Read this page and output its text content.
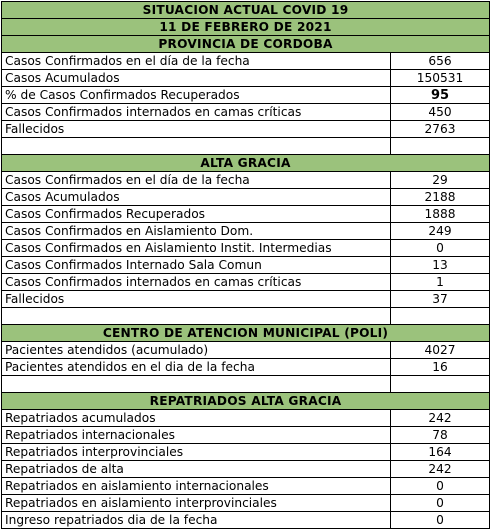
SITUACION ACTUAL COVID 19	
11 DE FEBRERO DE 2021	
PROVINCIA DE CORDOBA	
Casos Confirmados en el día de la fecha	656
Casos Acumulados	150531
% de Casos Confirmados Recuperados	95
Casos Confirmados internados en camas críticas	450
Fallecidos	2763

ALTA GRACIA	
Casos Confirmados en el día de la fecha	29
Casos Acumulados	2188
Casos Confirmados Recuperados	1888
Casos Confirmados en Aislamiento Dom.	249
Casos Confirmados en Aislamiento Instit. Intermedias	0
Casos Confirmados Internado Sala Comun	13
Casos Confirmados internados en camas críticas	1
Fallecidos	37

CENTRO DE ATENCION MUNICIPAL (POLI)	
Pacientes atendidos (acumulado)	4027
Pacientes atendidos en el dia de la fecha	16

REPATRIADOS ALTA GRACIA	
Repatriados acumulados	242
Repatriados internacionales	78
Repatriados interprovinciales	164
Repatriados de alta	242
Repatriados en aislamiento internacionales	0
Repatriados en aislamiento interprovinciales	0
Ingreso repatriados dia de la fecha	0
